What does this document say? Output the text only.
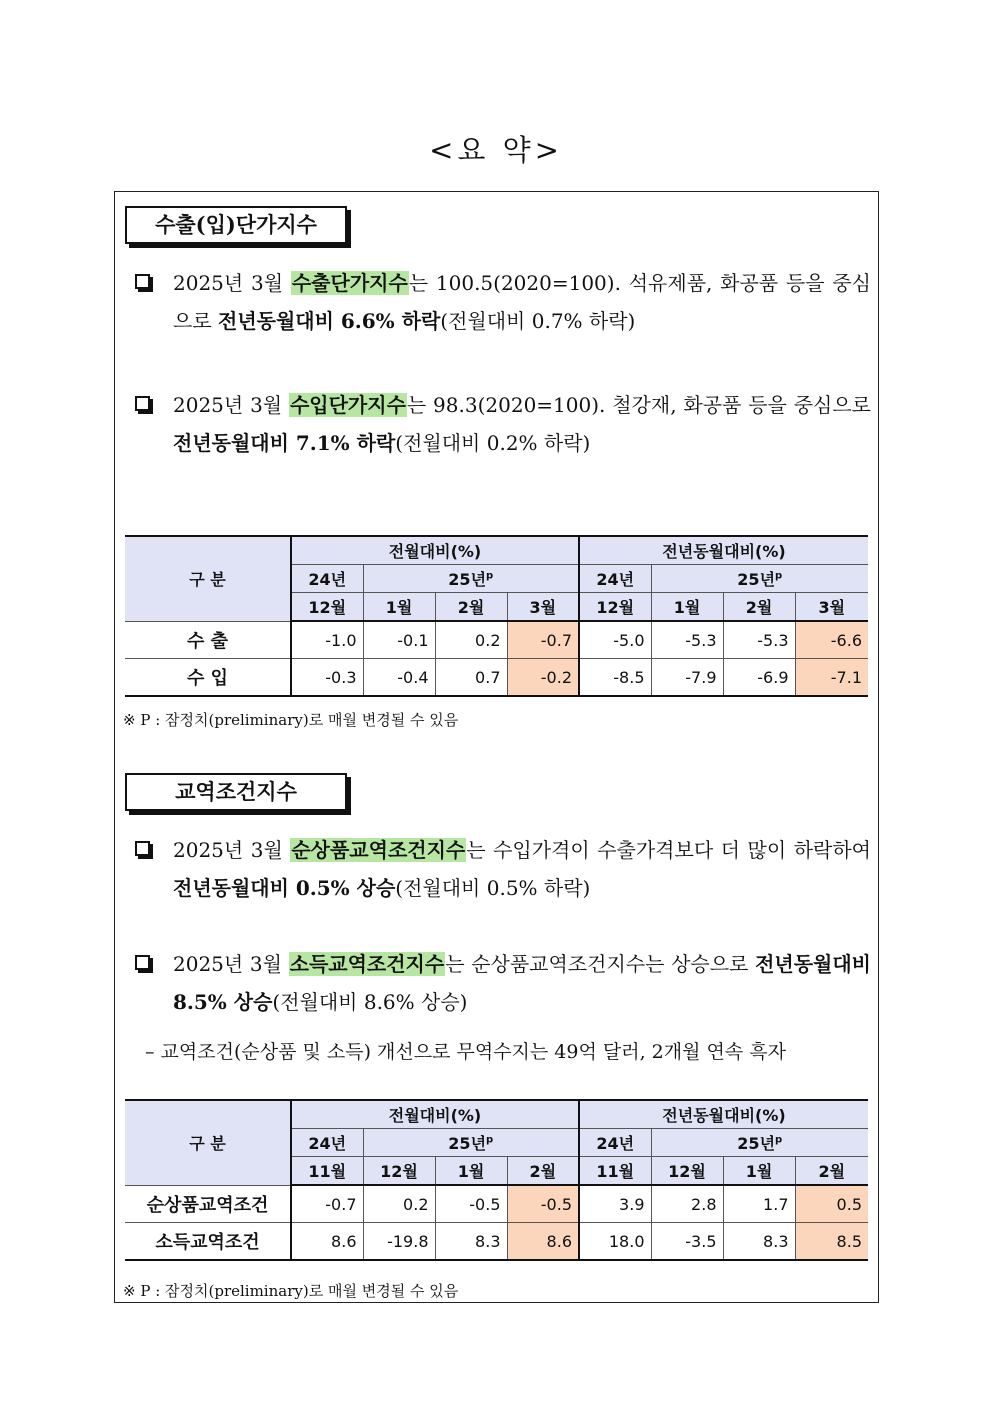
<요 약>
수출(입)단가지수
2025년 3월 수출단가지수는 100.5(2020=100). 석유제품, 화공품 등을 중심으로 전년동월대비 6.6% 하락(전월대비 0.7% 하락)
2025년 3월 수입단가지수는 98.3(2020=100). 철강재, 화공품 등을 중심으로 전년동월대비 7.1% 하락(전월대비 0.2% 하락)
구 분	전월대비(%)				전년동월대비(%)			
	24년	25년$^p$			24년	25년$^p$
	12월	1월	2월	3월	12월	1월	2월	3월
수 출	-1.0	-0.1	0.2	-0.7	-5.0	-5.3	-5.3	-6.6
수 입	-0.3	-0.4	0.7	-0.2	-8.5	-7.9	-6.9	-7.1
※ P : 잠정치(preliminary)로 매월 변경될 수 있음
교역조건지수
2025년 3월 순상품교역조건지수는 수입가격이 수출가격보다 더 많이 하락하여 전년동월대비 0.5% 상승(전월대비 0.5% 하락)
2025년 3월 소득교역조건지수는 순상품교역조건지수는 상승으로 전년동월대비 8.5% 상승(전월대비 8.6% 상승)
– 교역조건(순상품 및 소득) 개선으로 무역수지는 49억 달러, 2개월 연속 흑자
구 분	전월대비(%)				전년동월대비(%)			
	24년	25년$^p$			24년	25년$^p$
	11월	12월	1월	2월	11월	12월	1월	2월
순상품교역조건	-0.7	0.2	-0.5	-0.5	3.9	2.8	1.7	0.5
소득교역조건	8.6	-19.8	8.3	8.6	18.0	-3.5	8.3	8.5
※ P : 잠정치(preliminary)로 매월 변경될 수 있음
